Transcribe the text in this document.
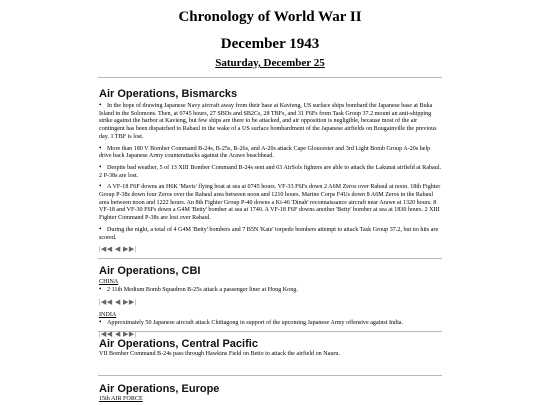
Chronology of World War II
December 1943
Saturday, December 25
Air Operations, Bismarcks

• In the hope of drawing Japanese Navy aircraft away from their base at Kavieng, US surface ships bombard the Japanese base at Buka Island in the Solomons. Then, at 0745 hours, 27 SBDs and SB2Cs, 28 TBFs, and 31 F6Fs from Task Group 37.2 mount an anti-shipping strike against the harbor at Kavieng, but few ships are there to be attacked, and air opposition is negligible, because most of the air contingent has been dispatched to Rabaul in the wake of a US surface bombardment of the Japanese airfields on Bougainville the previous day. 1 TBF is lost.

• More than 180 V Bomber Command B-24s, B-25s, B-26s, and A-20s attack Cape Gloucester and 3rd Light Bomb Group A-20s help drive back Japanese Army counterattacks against the Arawe beachhead.

• Despite bad weather, 5 of 13 XIII Bomber Command B-24s sent and 63 AirSols fighters are able to attack the Lakunai airfield at Rabaul. 2 P-38s are lost.

• A VF-18 F6F downs an H6K 'Mavis' flying boat at sea at 0745 hours. VF-33 F6Fs down 2 A6M Zeros over Rabaul at noon. 18th Fighter Group P-38s down four Zeros over the Rabaul area between noon and 1210 hours. Marine Corps F4Us down 8 A6M Zeros in the Rabaul area between noon and 1222 hours. An 8th Fighter Group P-40 downs a Ki-46 'Dinah' reconnaissance aircraft near Arawe at 1320 hours. 8 VF-18 and VF-30 F6Fs down a G4M 'Betty' bomber at sea at 1740. A VF-18 F6F downs another 'Betty' bomber at sea at 1830 hours. 2 XIII Fighter Command P-38s are lost over Rabaul.

• During the night, a total of 4 G4M 'Betty' bombers and 7 B5N 'Kate' torpedo bombers attempt to attack Task Group 37.2, but no hits are scored.

|◀◀ ◀ ▶▶|
Air Operations, CBI
CHINA

• 2 11th Medium Bomb Squadron B-25s attack a passenger liner at Hong Kong.

|◀◀ ◀ ▶▶|
INDIA

• Approximately 50 Japanese aircraft attack Chittagong in support of the upcoming Japanese Army offensive against India.

|◀◀ ◀ ▶▶|
Air Operations, Central Pacific

VII Bomber Command B-24s pass through Hawkins Field on Betio to attack the airfield on Nauru.

Air Operations, Europe
15th AIR FORCE
